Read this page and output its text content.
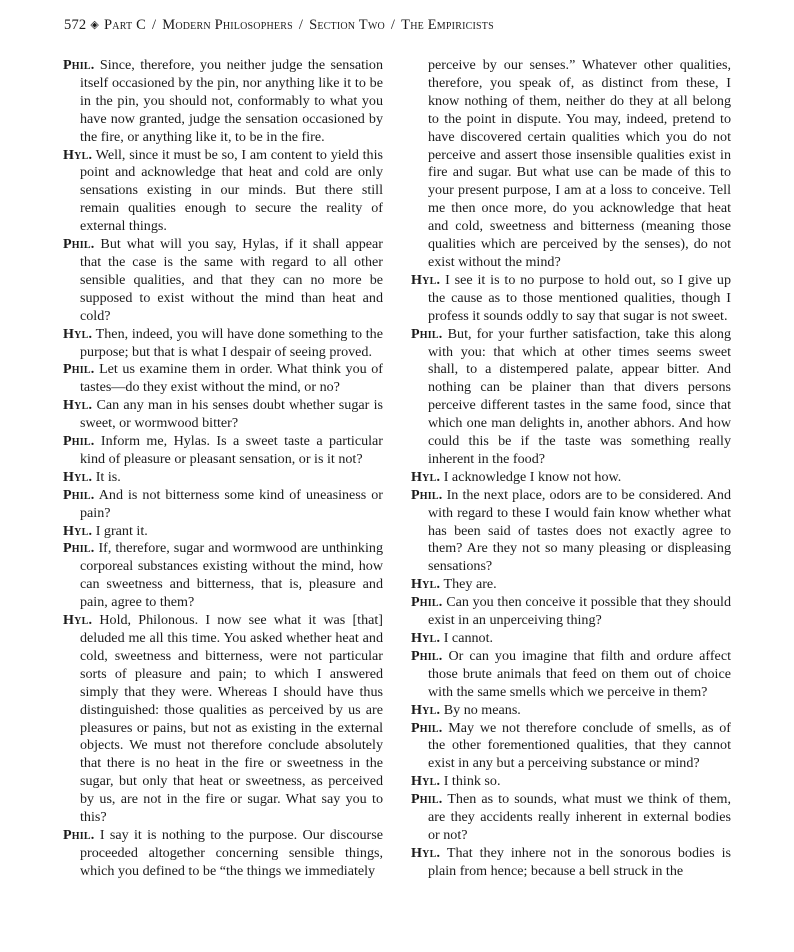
572 ◈ Part C / Modern Philosophers / Section Two / The Empiricists

Phil. Since, therefore, you neither judge the sensation itself occasioned by the pin, nor anything like it to be in the pin, you should not, conformably to what you have now granted, judge the sensation occasioned by the fire, or anything like it, to be in the fire.

Hyl. Well, since it must be so, I am content to yield this point and acknowledge that heat and cold are only sensations existing in our minds. But there still remain qualities enough to secure the reality of external things.

Phil. But what will you say, Hylas, if it shall appear that the case is the same with regard to all other sensible qualities, and that they can no more be supposed to exist without the mind than heat and cold?

Hyl. Then, indeed, you will have done something to the purpose; but that is what I despair of seeing proved.

Phil. Let us examine them in order. What think you of tastes—do they exist without the mind, or no?

Hyl. Can any man in his senses doubt whether sugar is sweet, or wormwood bitter?

Phil. Inform me, Hylas. Is a sweet taste a particular kind of pleasure or pleasant sensation, or is it not?

Hyl. It is.

Phil. And is not bitterness some kind of uneasiness or pain?

Hyl. I grant it.

Phil. If, therefore, sugar and wormwood are unthinking corporeal substances existing without the mind, how can sweetness and bitterness, that is, pleasure and pain, agree to them?

Hyl. Hold, Philonous. I now see what it was [that] deluded me all this time. You asked whether heat and cold, sweetness and bitterness, were not particular sorts of pleasure and pain; to which I answered simply that they were. Whereas I should have thus distinguished: those qualities as perceived by us are pleasures or pains, but not as existing in the external objects. We must not therefore conclude absolutely that there is no heat in the fire or sweetness in the sugar, but only that heat or sweetness, as perceived by us, are not in the fire or sugar. What say you to this?

Phil. I say it is nothing to the purpose. Our discourse proceeded altogether concerning sensible things, which you defined to be “the things we immediately

perceive by our senses.” Whatever other qualities, therefore, you speak of, as distinct from these, I know nothing of them, neither do they at all belong to the point in dispute. You may, indeed, pretend to have discovered certain qualities which you do not perceive and assert those insensible qualities exist in fire and sugar. But what use can be made of this to your present purpose, I am at a loss to conceive. Tell me then once more, do you acknowledge that heat and cold, sweetness and bitterness (meaning those qualities which are perceived by the senses), do not exist without the mind?

Hyl. I see it is to no purpose to hold out, so I give up the cause as to those mentioned qualities, though I profess it sounds oddly to say that sugar is not sweet.

Phil. But, for your further satisfaction, take this along with you: that which at other times seems sweet shall, to a distempered palate, appear bitter. And nothing can be plainer than that divers persons perceive different tastes in the same food, since that which one man delights in, another abhors. And how could this be if the taste was something really inherent in the food?

Hyl. I acknowledge I know not how.

Phil. In the next place, odors are to be considered. And with regard to these I would fain know whether what has been said of tastes does not exactly agree to them? Are they not so many pleasing or displeasing sensations?

Hyl. They are.

Phil. Can you then conceive it possible that they should exist in an unperceiving thing?

Hyl. I cannot.

Phil. Or can you imagine that filth and ordure affect those brute animals that feed on them out of choice with the same smells which we perceive in them?

Hyl. By no means.

Phil. May we not therefore conclude of smells, as of the other forementioned qualities, that they cannot exist in any but a perceiving substance or mind?

Hyl. I think so.

Phil. Then as to sounds, what must we think of them, are they accidents really inherent in external bodies or not?

Hyl. That they inhere not in the sonorous bodies is plain from hence; because a bell struck in the
